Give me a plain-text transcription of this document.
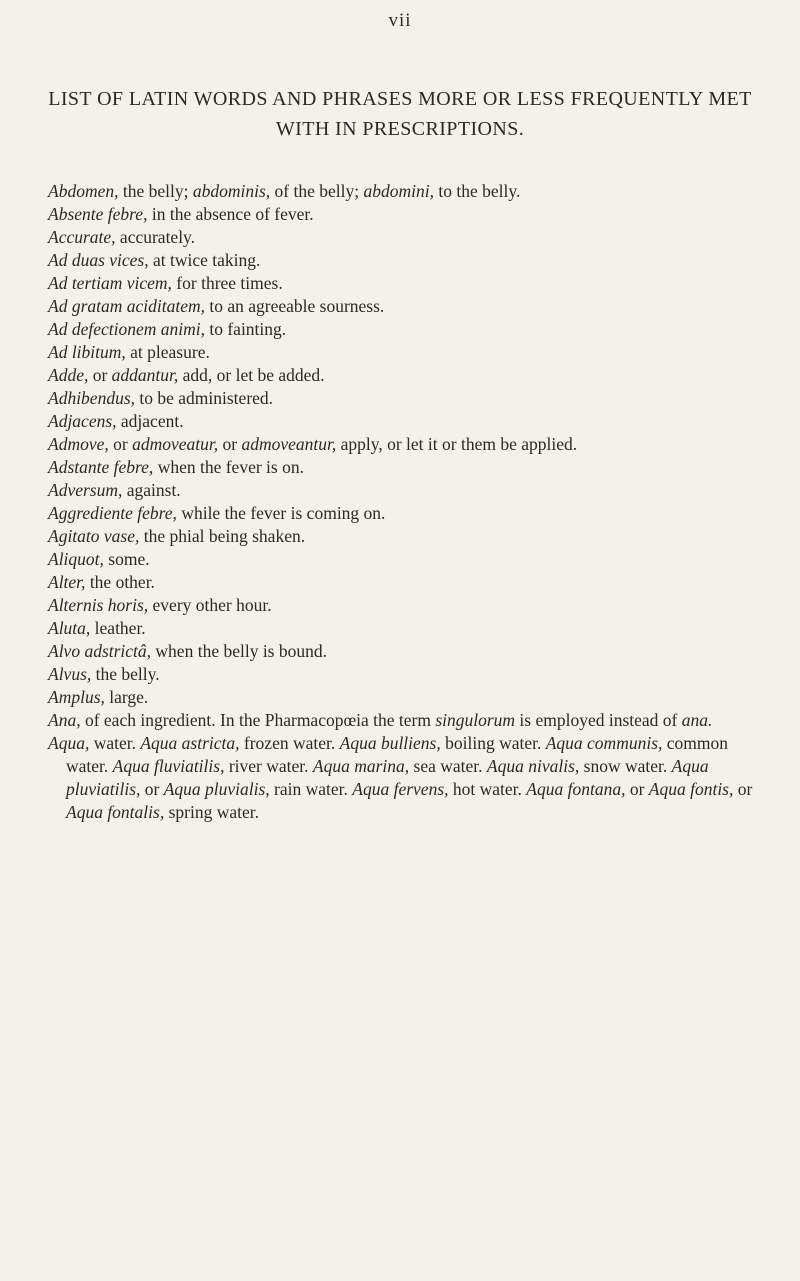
vii
LIST OF LATIN WORDS AND PHRASES MORE OR LESS FREQUENTLY MET WITH IN PRESCRIPTIONS.

Abdomen, the belly; abdominis, of the belly; abdomini, to the belly.

Absente febre, in the absence of fever.

Accurate, accurately.

Ad duas vices, at twice taking.

Ad tertiam vicem, for three times.

Ad gratam aciditatem, to an agreeable sourness.

Ad defectionem animi, to fainting.

Ad libitum, at pleasure.

Adde, or addantur, add, or let be added.

Adhibendus, to be administered.

Adjacens, adjacent.

Admove, or admoveatur, or admoveantur, apply, or let it or them be applied.

Adstante febre, when the fever is on.

Adversum, against.

Aggrediente febre, while the fever is coming on.

Agitato vase, the phial being shaken.

Aliquot, some.

Alter, the other.

Alternis horis, every other hour.

Aluta, leather.

Alvo adstrictâ, when the belly is bound.

Alvus, the belly.

Amplus, large.

Ana, of each ingredient. In the Pharmacopœia the term singulorum is employed instead of ana.

Aqua, water. Aqua astricta, frozen water. Aqua bulliens, boiling water. Aqua communis, common water. Aqua fluviatilis, river water. Aqua marina, sea water. Aqua nivalis, snow water. Aqua pluviatilis, or Aqua pluvialis, rain water. Aqua fervens, hot water. Aqua fontana, or Aqua fontis, or Aqua fontalis, spring water.
